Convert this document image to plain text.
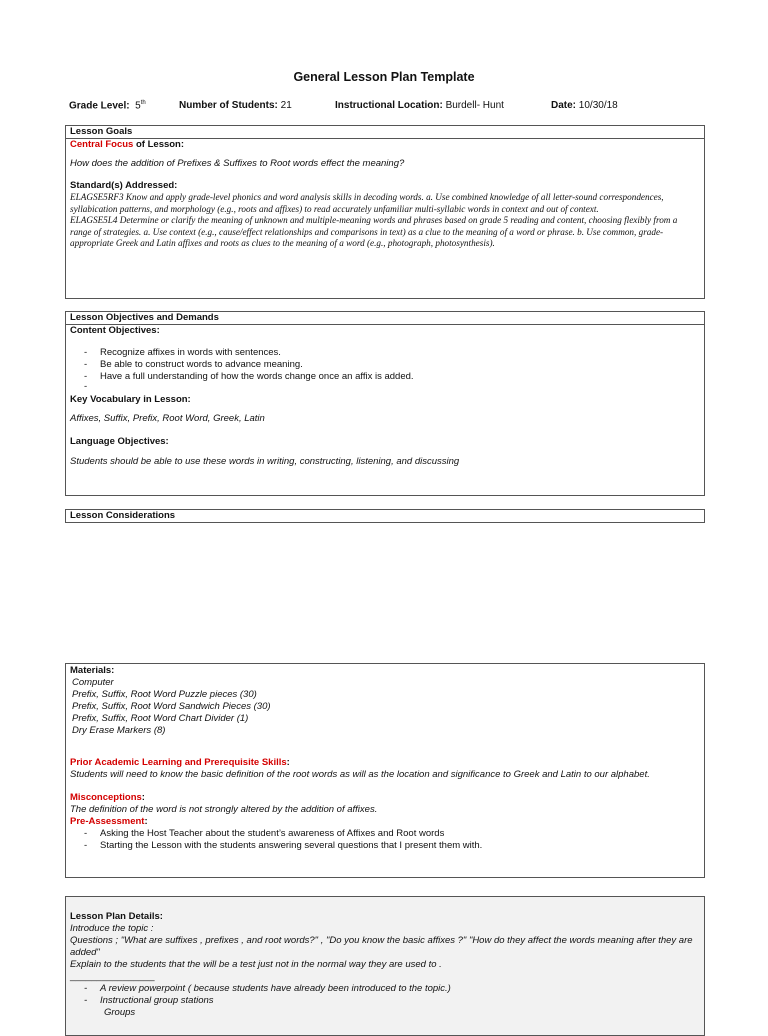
General Lesson Plan Template
Grade Level: 5th	Number of Students: 21	Instructional Location: Burdell- Hunt	Date: 10/30/18
Lesson Goals
Central Focus of Lesson:
How does the addition of Prefixes & Suffixes to Root words effect the meaning?
Standard(s) Addressed:
ELAGSE5RF3 Know and apply grade-level phonics and word analysis skills in decoding words. a. Use combined knowledge of all letter-sound correspondences, syllabication patterns, and morphology (e.g., roots and affixes) to read accurately unfamiliar multi-syllabic words in context and out of context.
ELAGSE5L4 Determine or clarify the meaning of unknown and multiple-meaning words and phrases based on grade 5 reading and content, choosing flexibly from a range of strategies. a. Use context (e.g., cause/effect relationships and comparisons in text) as a clue to the meaning of a word or phrase. b. Use common, grade-appropriate Greek and Latin affixes and roots as clues to the meaning of a word (e.g., photograph, photosynthesis).
Lesson Objectives and Demands
Content Objectives:
- Recognize affixes in words with sentences.
- Be able to construct words to advance meaning.
- Have a full understanding of how the words change once an affix is added.
-
Key Vocabulary in Lesson:
Affixes, Suffix, Prefix, Root Word, Greek, Latin
Language Objectives:
Students should be able to use these words in writing, constructing, listening, and discussing
Lesson Considerations
Materials:
Computer
Prefix, Suffix, Root Word Puzzle pieces (30)
Prefix, Suffix, Root Word Sandwich Pieces (30)
Prefix, Suffix, Root Word Chart Divider (1)
Dry Erase Markers (8)
Prior Academic Learning and Prerequisite Skills:
Students will need to know the basic definition of the root words as will as the location and significance to Greek and Latin to our alphabet.
Misconceptions:
The definition of the word is not strongly altered by the addition of affixes.
Pre-Assessment:
- Asking the Host Teacher about the student’s awareness of Affixes and Root words
- Starting the Lesson with the students answering several questions that I present them with.
Lesson Plan Details:
Introduce the topic :
Questions ; "What are suffixes , prefixes , and root words?" , "Do you know the basic affixes ?" "How do they affect the words meaning after they are added"
Explain to the students that the will be a test just not in the normal way they are used to .
________________
- A review powerpoint ( because students have already been introduced to the topic.)
- Instructional group stations
Groups
